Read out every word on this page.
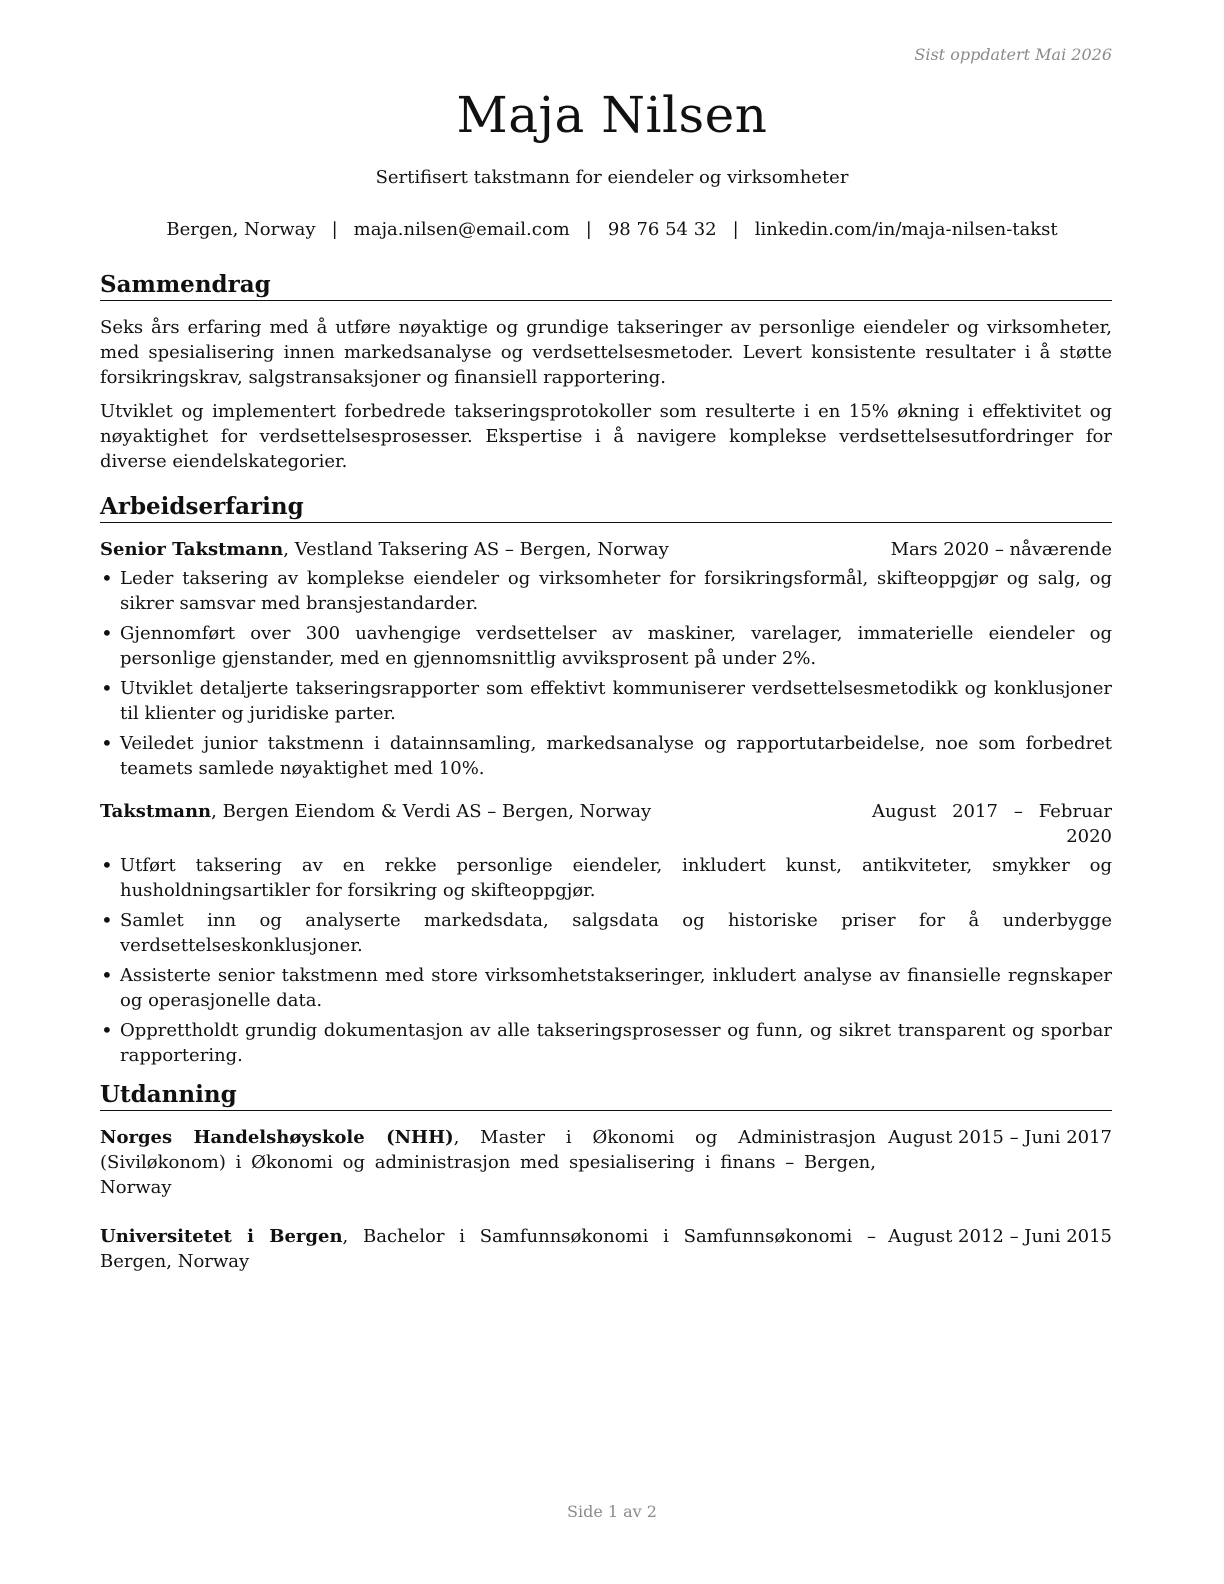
Sist oppdatert Mai 2026
Maja Nilsen
Sertifisert takstmann for eiendeler og virksomheter
Bergen, Norway | maja.nilsen@email.com | 98 76 54 32 | linkedin.com/in/maja-nilsen-takst
Sammendrag

Seks års erfaring med å utføre nøyaktige og grundige takseringer av personlige eiendeler og virksomheter, med spesialisering innen markedsanalyse og verdsettelsesmetoder. Levert konsistente resultater i å støtte forsikringskrav, salgstransaksjoner og finansiell rapportering.

Utviklet og implementert forbedrede takseringsprotokoller som resulterte i en 15% økning i effektivitet og nøyaktighet for verdsettelsesprosesser. Ekspertise i å navigere komplekse verdsettelsesutfordringer for diverse eiendelskategorier.

Arbeidserfaring
Senior Takstmann, Vestland Taksering AS – Bergen, Norway	Mars 2020 – nåværende
• Leder taksering av komplekse eiendeler og virksomheter for forsikringsformål, skifteoppgjør og salg, og sikrer samsvar med bransjestandarder.
• Gjennomført over 300 uavhengige verdsettelser av maskiner, varelager, immaterielle eiendeler og personlige gjenstander, med en gjennomsnittlig avviksprosent på under 2%.
• Utviklet detaljerte takseringsrapporter som effektivt kommuniserer verdsettelsesmetodikk og konklusjoner til klienter og juridiske parter.
• Veiledet junior takstmenn i datainnsamling, markedsanalyse og rapportutarbeidelse, noe som forbedret teamets samlede nøyaktighet med 10%.
Takstmann, Bergen Eiendom & Verdi AS – Bergen, Norway	August 2017 – Februar
2020
• Utført taksering av en rekke personlige eiendeler, inkludert kunst, antikviteter, smykker og husholdningsartikler for forsikring og skifteoppgjør.
• Samlet inn og analyserte markedsdata, salgsdata og historiske priser for å underbygge verdsettelseskonklusjoner.
• Assisterte senior takstmenn med store virksomhetstakseringer, inkludert analyse av finansielle regnskaper og operasjonelle data.
• Opprettholdt grundig dokumentasjon av alle takseringsprosesser og funn, og sikret transparent og sporbar rapportering.
Utdanning
Norges Handelshøyskole (NHH), Master i Økonomi og Administrasjon (Siviløkonom) i Økonomi og administrasjon med spesialisering i finans – Bergen, Norway
August 2015 – Juni 2017
Universitetet i Bergen, Bachelor i Samfunnsøkonomi i Samfunnsøkonomi – Bergen, Norway
August 2012 – Juni 2015
Side 1 av 2
